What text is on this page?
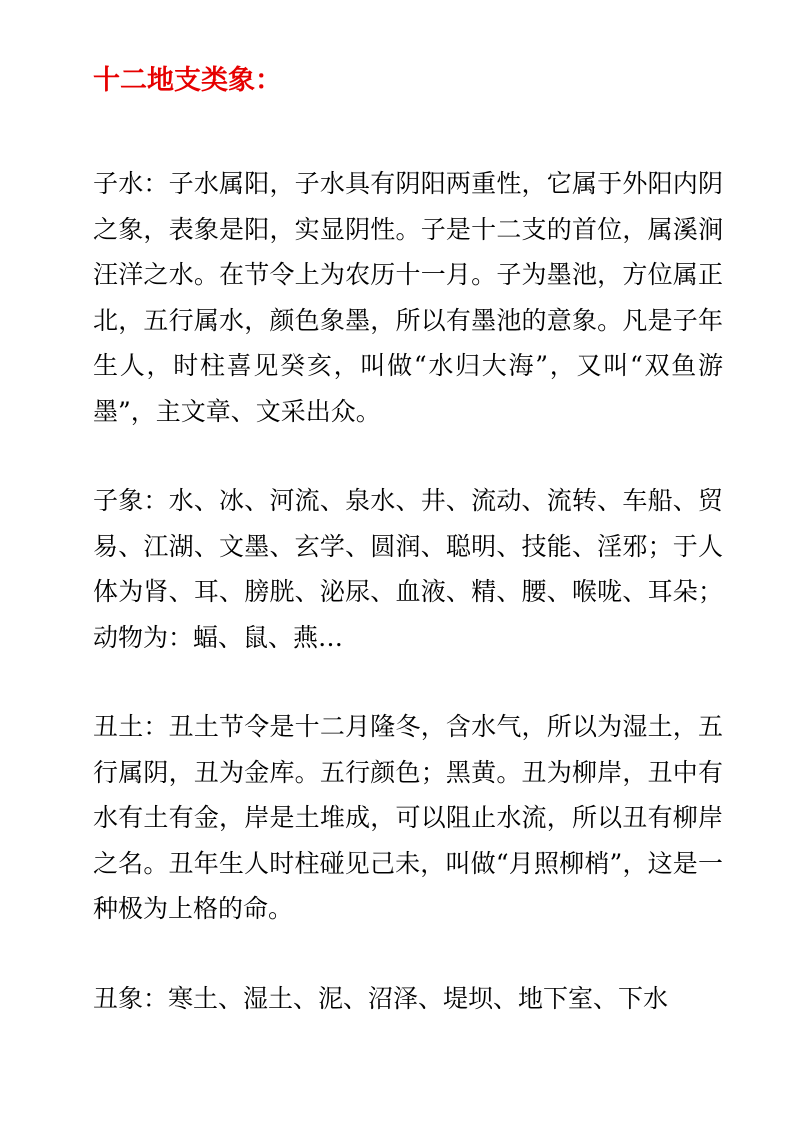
十二地支类象：

子水：子水属阳，子水具有阴阳两重性，它属于外阳内阴之象，表象是阳，实显阴性。子是十二支的首位，属溪涧汪洋之水。在节令上为农历十一月。子为墨池，方位属正北，五行属水，颜色象墨，所以有墨池的意象。凡是子年生人，时柱喜见癸亥，叫做“水归大海”，又叫“双鱼游墨”，主文章、文采出众。

子象：水、冰、河流、泉水、井、流动、流转、车船、贸易、江湖、文墨、玄学、圆润、聪明、技能、淫邪；于人体为肾、耳、膀胱、泌尿、血液、精、腰、喉咙、耳朵；动物为：蝠、鼠、燕…

丑土：丑土节令是十二月隆冬，含水气，所以为湿土，五行属阴，丑为金库。五行颜色；黑黄。丑为柳岸，丑中有水有土有金，岸是土堆成，可以阻止水流，所以丑有柳岸之名。丑年生人时柱碰见己未，叫做“月照柳梢”，这是一种极为上格的命。

丑象：寒土、湿土、泥、沼泽、堤坝、地下室、下水
